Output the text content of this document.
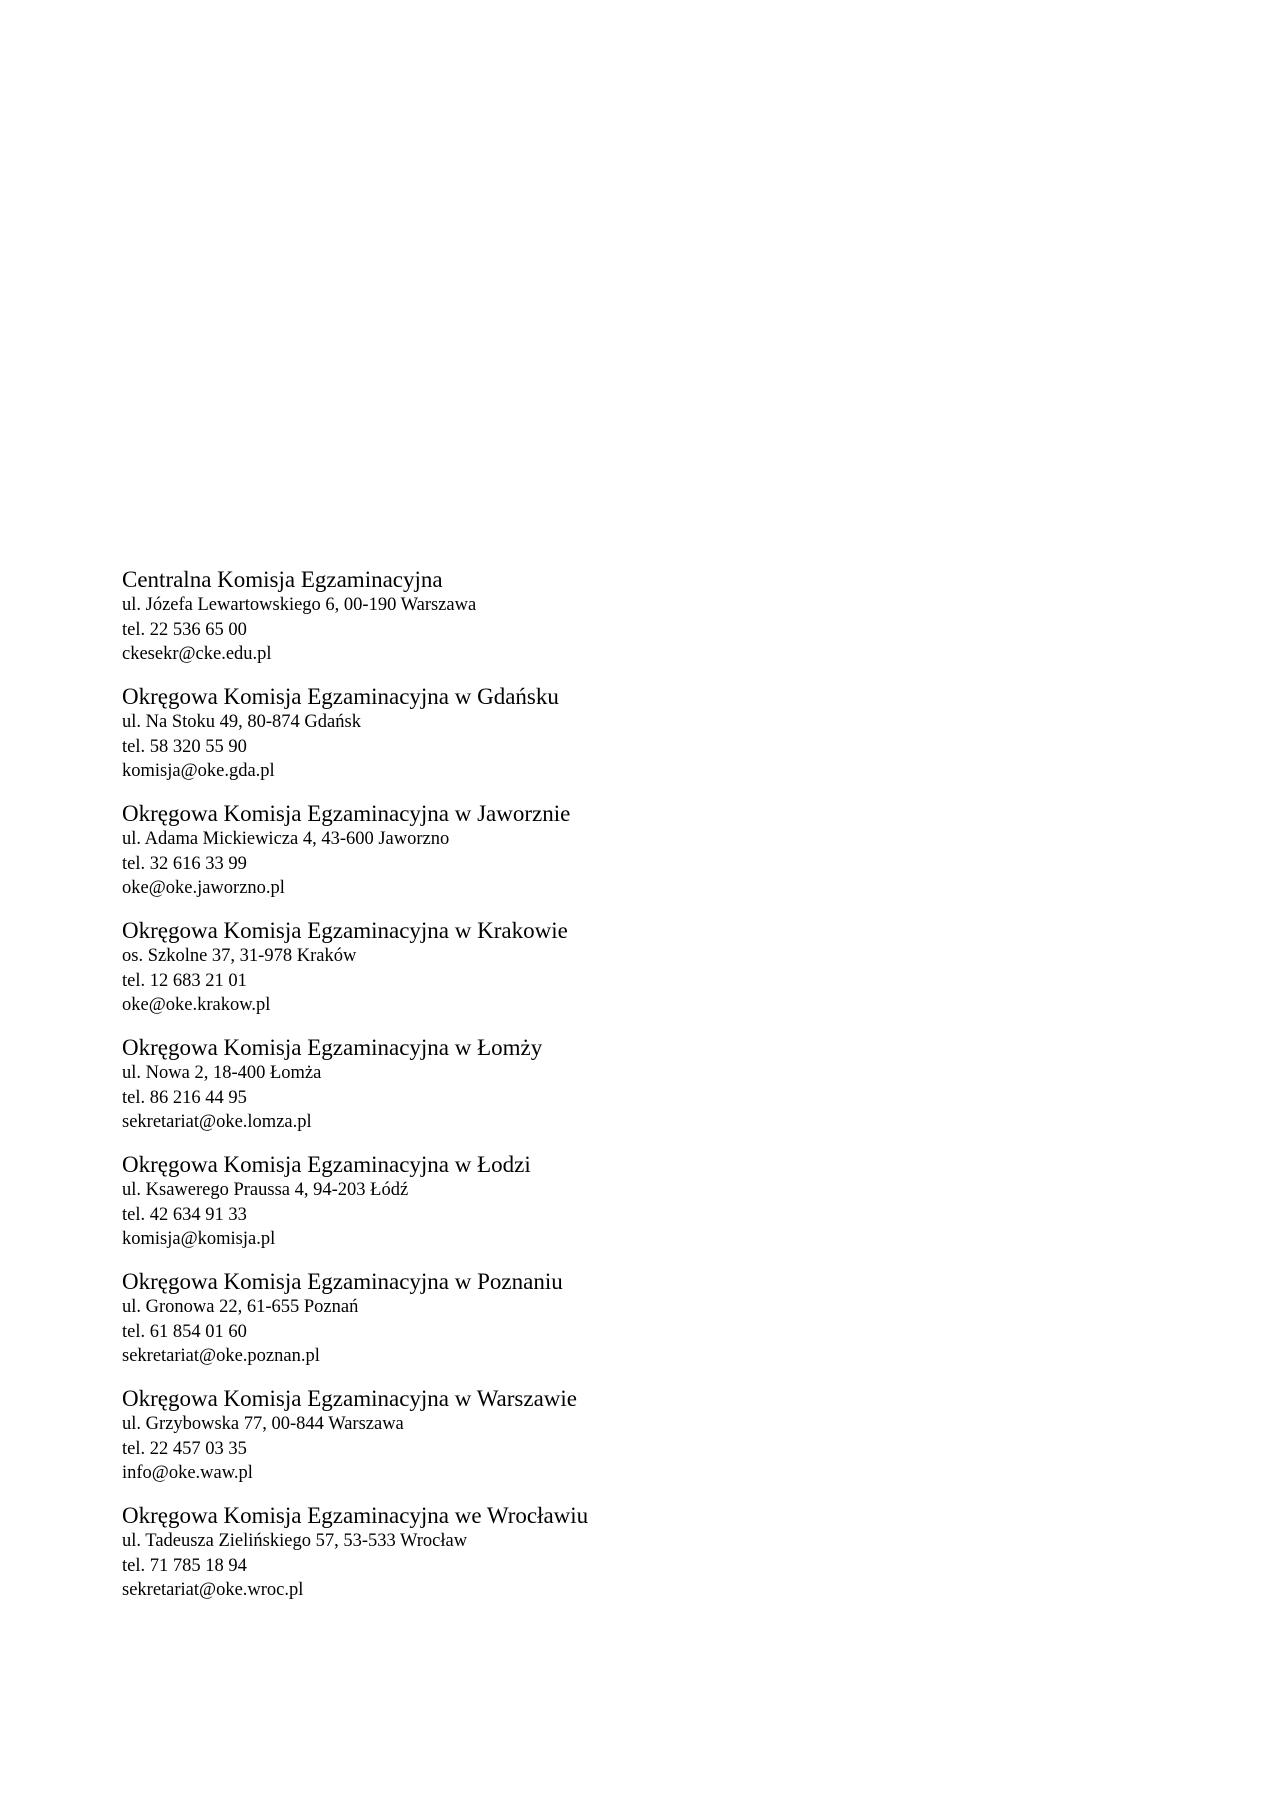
Centralna Komisja Egzaminacyjna
ul. Józefa Lewartowskiego 6, 00-190 Warszawa
tel. 22 536 65 00
ckesekr@cke.edu.pl
Okręgowa Komisja Egzaminacyjna w Gdańsku
ul. Na Stoku 49, 80-874 Gdańsk
tel. 58 320 55 90
komisja@oke.gda.pl
Okręgowa Komisja Egzaminacyjna w Jaworznie
ul. Adama Mickiewicza 4, 43-600 Jaworzno
tel. 32 616 33 99
oke@oke.jaworzno.pl
Okręgowa Komisja Egzaminacyjna w Krakowie
os. Szkolne 37, 31-978 Kraków
tel. 12 683 21 01
oke@oke.krakow.pl
Okręgowa Komisja Egzaminacyjna w Łomży
ul. Nowa 2, 18-400 Łomża
tel. 86 216 44 95
sekretariat@oke.lomza.pl
Okręgowa Komisja Egzaminacyjna w Łodzi
ul. Ksawerego Praussa 4, 94-203 Łódź
tel. 42 634 91 33
komisja@komisja.pl
Okręgowa Komisja Egzaminacyjna w Poznaniu
ul. Gronowa 22, 61-655 Poznań
tel. 61 854 01 60
sekretariat@oke.poznan.pl
Okręgowa Komisja Egzaminacyjna w Warszawie
ul. Grzybowska 77, 00-844 Warszawa
tel. 22 457 03 35
info@oke.waw.pl
Okręgowa Komisja Egzaminacyjna we Wrocławiu
ul. Tadeusza Zielińskiego 57, 53-533 Wrocław
tel. 71 785 18 94
sekretariat@oke.wroc.pl
